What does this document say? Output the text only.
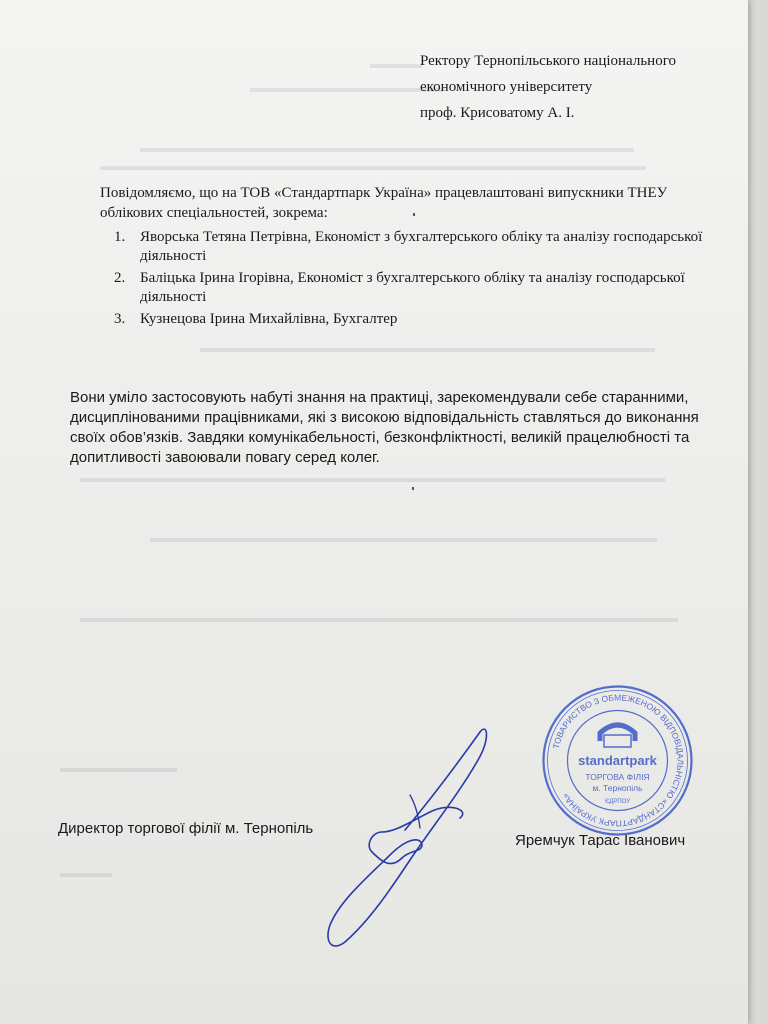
▬▬▬▬
▬▬▬▬▬▬▬▬▬▬▬▬▬▬▬
▬▬▬▬▬▬▬▬▬▬▬▬▬▬▬▬▬▬▬▬▬▬▬▬▬▬▬▬▬▬▬▬▬▬▬▬▬▬
▬▬▬▬▬▬▬▬▬▬▬▬▬▬▬▬▬▬▬▬▬▬▬▬▬▬▬▬▬▬▬▬▬▬▬▬▬▬▬▬▬▬
▬▬▬▬▬▬▬▬▬▬▬▬▬▬▬▬▬▬▬▬▬▬▬▬▬▬▬▬▬▬▬▬▬▬▬
▬▬▬▬▬▬▬▬▬▬▬▬▬▬▬▬▬▬▬▬▬▬▬▬▬▬▬▬▬▬▬▬▬▬▬▬▬▬▬▬▬▬▬▬▬
▬▬▬▬▬▬▬▬▬▬▬▬▬▬▬▬▬▬▬▬▬▬▬▬▬▬▬▬▬▬▬▬▬▬▬▬▬▬▬
▬▬▬▬▬▬▬▬▬▬▬▬▬▬▬▬▬▬▬▬▬▬▬▬▬▬▬▬▬▬▬▬▬▬▬▬▬▬▬▬▬▬▬▬▬▬
▬▬▬▬▬▬▬▬▬
▬▬▬▬
Ректору Тернопільського національного
економічного університету
проф. Крисоватому А. І.
Повідомляємо, що на ТОВ «Стандартпарк Україна» працевлаштовані випускники ТНЕУ облікових спеціальностей, зокрема:
1. Яворська Тетяна Петрівна, Економіст з бухгалтерського обліку та аналізу господарської діяльності
2. Баліцька Ірина Ігорівна, Економіст з бухгалтерського обліку та аналізу господарської діяльності
3. Кузнецова Ірина Михайлівна, Бухгалтер
Вони уміло застосовують набуті знання на практиці, зарекомендували себе старанними, дисциплінованими працівниками, які з високою відповідальність ставляться до виконання своїх обов’язків. Завдяки комунікабельності, безконфліктності, великій працелюбності та допитливості завоювали повагу серед колег.
ТОВАРИСТВО З ОБМЕЖЕНОЮ ВІДПОВІДАЛЬНІСТЮ «СТАНДАРТПАРК УКРАЇНА»
standartpark
ТОРГОВА ФІЛІЯ
м. Тернопіль
ЄДРПОУ
Директор торгової філії м. Тернопіль
Яремчук Тарас Іванович
